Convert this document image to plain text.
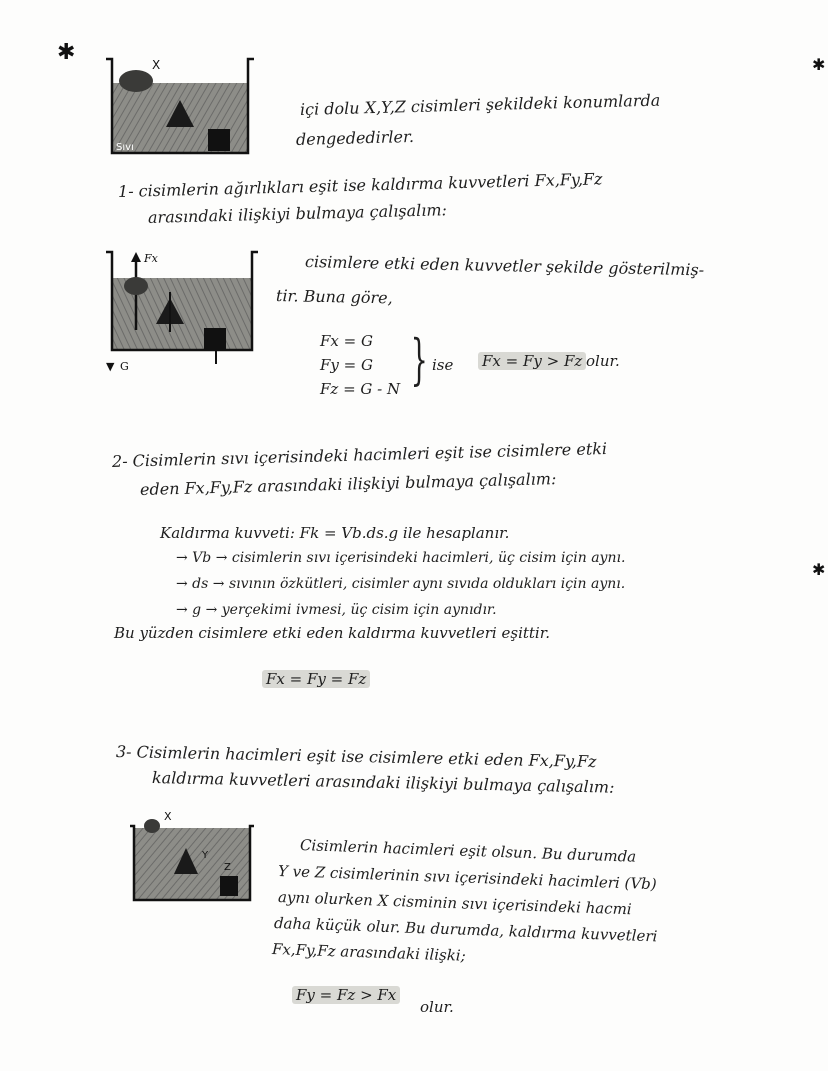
✱	✱
✱
X
Sıvı
içi dolu X,Y,Z cisimleri şekildeki konumlarda
dengededirler.
1- cisimlerin ağırlıkları eşit ise kaldırma kuvvetleri Fx,Fy,Fz
arasındaki ilişkiyi bulmaya çalışalım:
Fx
▼ G
cisimlere etki eden kuvvetler şekilde gösterilmiş-
tir. Buna göre,
Fx = G
Fy = G
Fz = G - N } ise Fx = Fy > Fz olur.
2- Cisimlerin sıvı içerisindeki hacimleri eşit ise cisimlere etki
eden Fx,Fy,Fz arasındaki ilişkiyi bulmaya çalışalım:
Kaldırma kuvveti: Fk = Vb.ds.g ile hesaplanır.
→ Vb → cisimlerin sıvı içerisindeki hacimleri, üç cisim için aynı.
→ ds → sıvının özkütleri, cisimler aynı sıvıda oldukları için aynı.
→ g → yerçekimi ivmesi, üç cisim için aynıdır.
Bu yüzden cisimlere etki eden kaldırma kuvvetleri eşittir.
Fx = Fy = Fz
3- Cisimlerin hacimleri eşit ise cisimlere etki eden Fx,Fy,Fz
kaldırma kuvvetleri arasındaki ilişkiyi bulmaya çalışalım:
X
Y
Z
Cisimlerin hacimleri eşit olsun. Bu durumda
Y ve Z cisimlerinin sıvı içerisindeki hacimleri (Vb)
aynı olurken X cisminin sıvı içerisindeki hacmi
daha küçük olur. Bu durumda, kaldırma kuvvetleri
Fx,Fy,Fz arasındaki ilişki;
Fy = Fz > Fx
olur.
